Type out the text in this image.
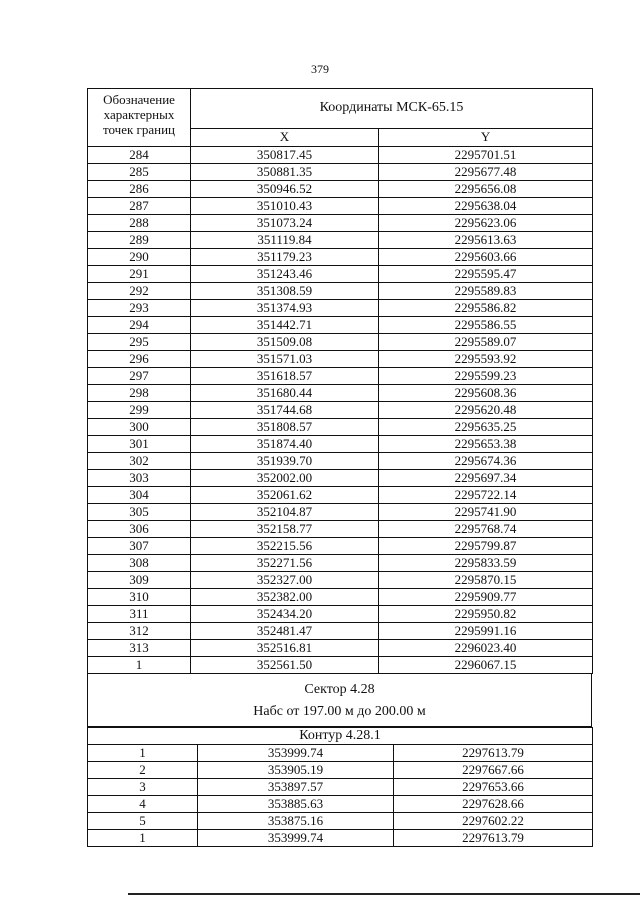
379
Обозначение характерных точек границ	Координаты МСК-65.15	
	X	Y
284	350817.45	2295701.51
285	350881.35	2295677.48
286	350946.52	2295656.08
287	351010.43	2295638.04
288	351073.24	2295623.06
289	351119.84	2295613.63
290	351179.23	2295603.66
291	351243.46	2295595.47
292	351308.59	2295589.83
293	351374.93	2295586.82
294	351442.71	2295586.55
295	351509.08	2295589.07
296	351571.03	2295593.92
297	351618.57	2295599.23
298	351680.44	2295608.36
299	351744.68	2295620.48
300	351808.57	2295635.25
301	351874.40	2295653.38
302	351939.70	2295674.36
303	352002.00	2295697.34
304	352061.62	2295722.14
305	352104.87	2295741.90
306	352158.77	2295768.74
307	352215.56	2295799.87
308	352271.56	2295833.59
309	352327.00	2295870.15
310	352382.00	2295909.77
311	352434.20	2295950.82
312	352481.47	2295991.16
313	352516.81	2296023.40
1	352561.50	2296067.15
Сектор 4.28
Набс от 197.00 м до 200.00 м
Контур 4.28.1		
1	353999.74	2297613.79
2	353905.19	2297667.66
3	353897.57	2297653.66
4	353885.63	2297628.66
5	353875.16	2297602.22
1	353999.74	2297613.79
